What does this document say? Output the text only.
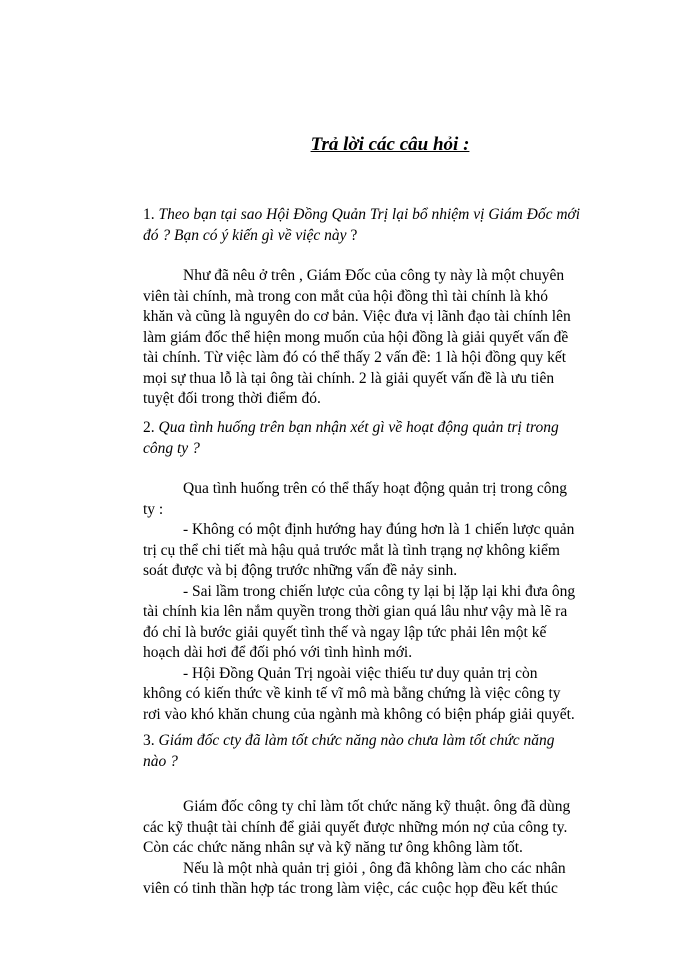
Trả lời các câu hỏi :
1. Theo bạn tại sao Hội Đồng Quản Trị lại bổ nhiệm vị Giám Đốc mới
đó ? Bạn có ý kiến gì về việc này ?
Như đã nêu ở trên , Giám Đốc của công ty này là một chuyên
viên tài chính, mà trong con mắt của hội đồng thì tài chính là khó
khăn và cũng là nguyên do cơ bản. Việc đưa vị lãnh đạo tài chính lên
làm giám đốc thể hiện mong muốn của hội đồng là giải quyết vấn đề
tài chính. Từ việc làm đó có thể thấy 2 vấn đề: 1 là hội đồng quy kết
mọi sự thua lỗ là tại ông tài chính. 2 là giải quyết vấn đề là ưu tiên
tuyệt đối trong thời điểm đó.
2. Qua tình huống trên bạn nhận xét gì về hoạt động quản trị trong
công ty ?
Qua tình huống trên có thể thấy hoạt động quản trị trong công
ty :
- Không có một định hướng hay đúng hơn là 1 chiến lược quản
trị cụ thể chi tiết mà hậu quả trước mắt là tình trạng nợ không kiểm
soát được và bị động trước những vấn đề nảy sinh.
- Sai lầm trong chiến lược của công ty lại bị lặp lại khi đưa ông
tài chính kia lên nắm quyền trong thời gian quá lâu như vậy mà lẽ ra
đó chỉ là bước giải quyết tình thế và ngay lập tức phải lên một kế
hoạch dài hơi để đối phó với tình hình mới.
- Hội Đồng Quản Trị ngoài việc thiếu tư duy quản trị còn
không có kiến thức về kinh tế vĩ mô mà bằng chứng là việc công ty
rơi vào khó khăn chung của ngành mà không có biện pháp giải quyết.
3. Giám đốc cty đã làm tốt chức năng nào chưa làm tốt chức năng
nào ?
Giám đốc công ty chỉ làm tốt chức năng kỹ thuật. ông đã dùng
các kỹ thuật tài chính để giải quyết được những món nợ của công ty.
Còn các chức năng nhân sự và kỹ năng tư ông không làm tốt.
Nếu là một nhà quản trị giỏi , ông đã không làm cho các nhân
viên có tinh thần hợp tác trong làm việc, các cuộc họp đều kết thúc
